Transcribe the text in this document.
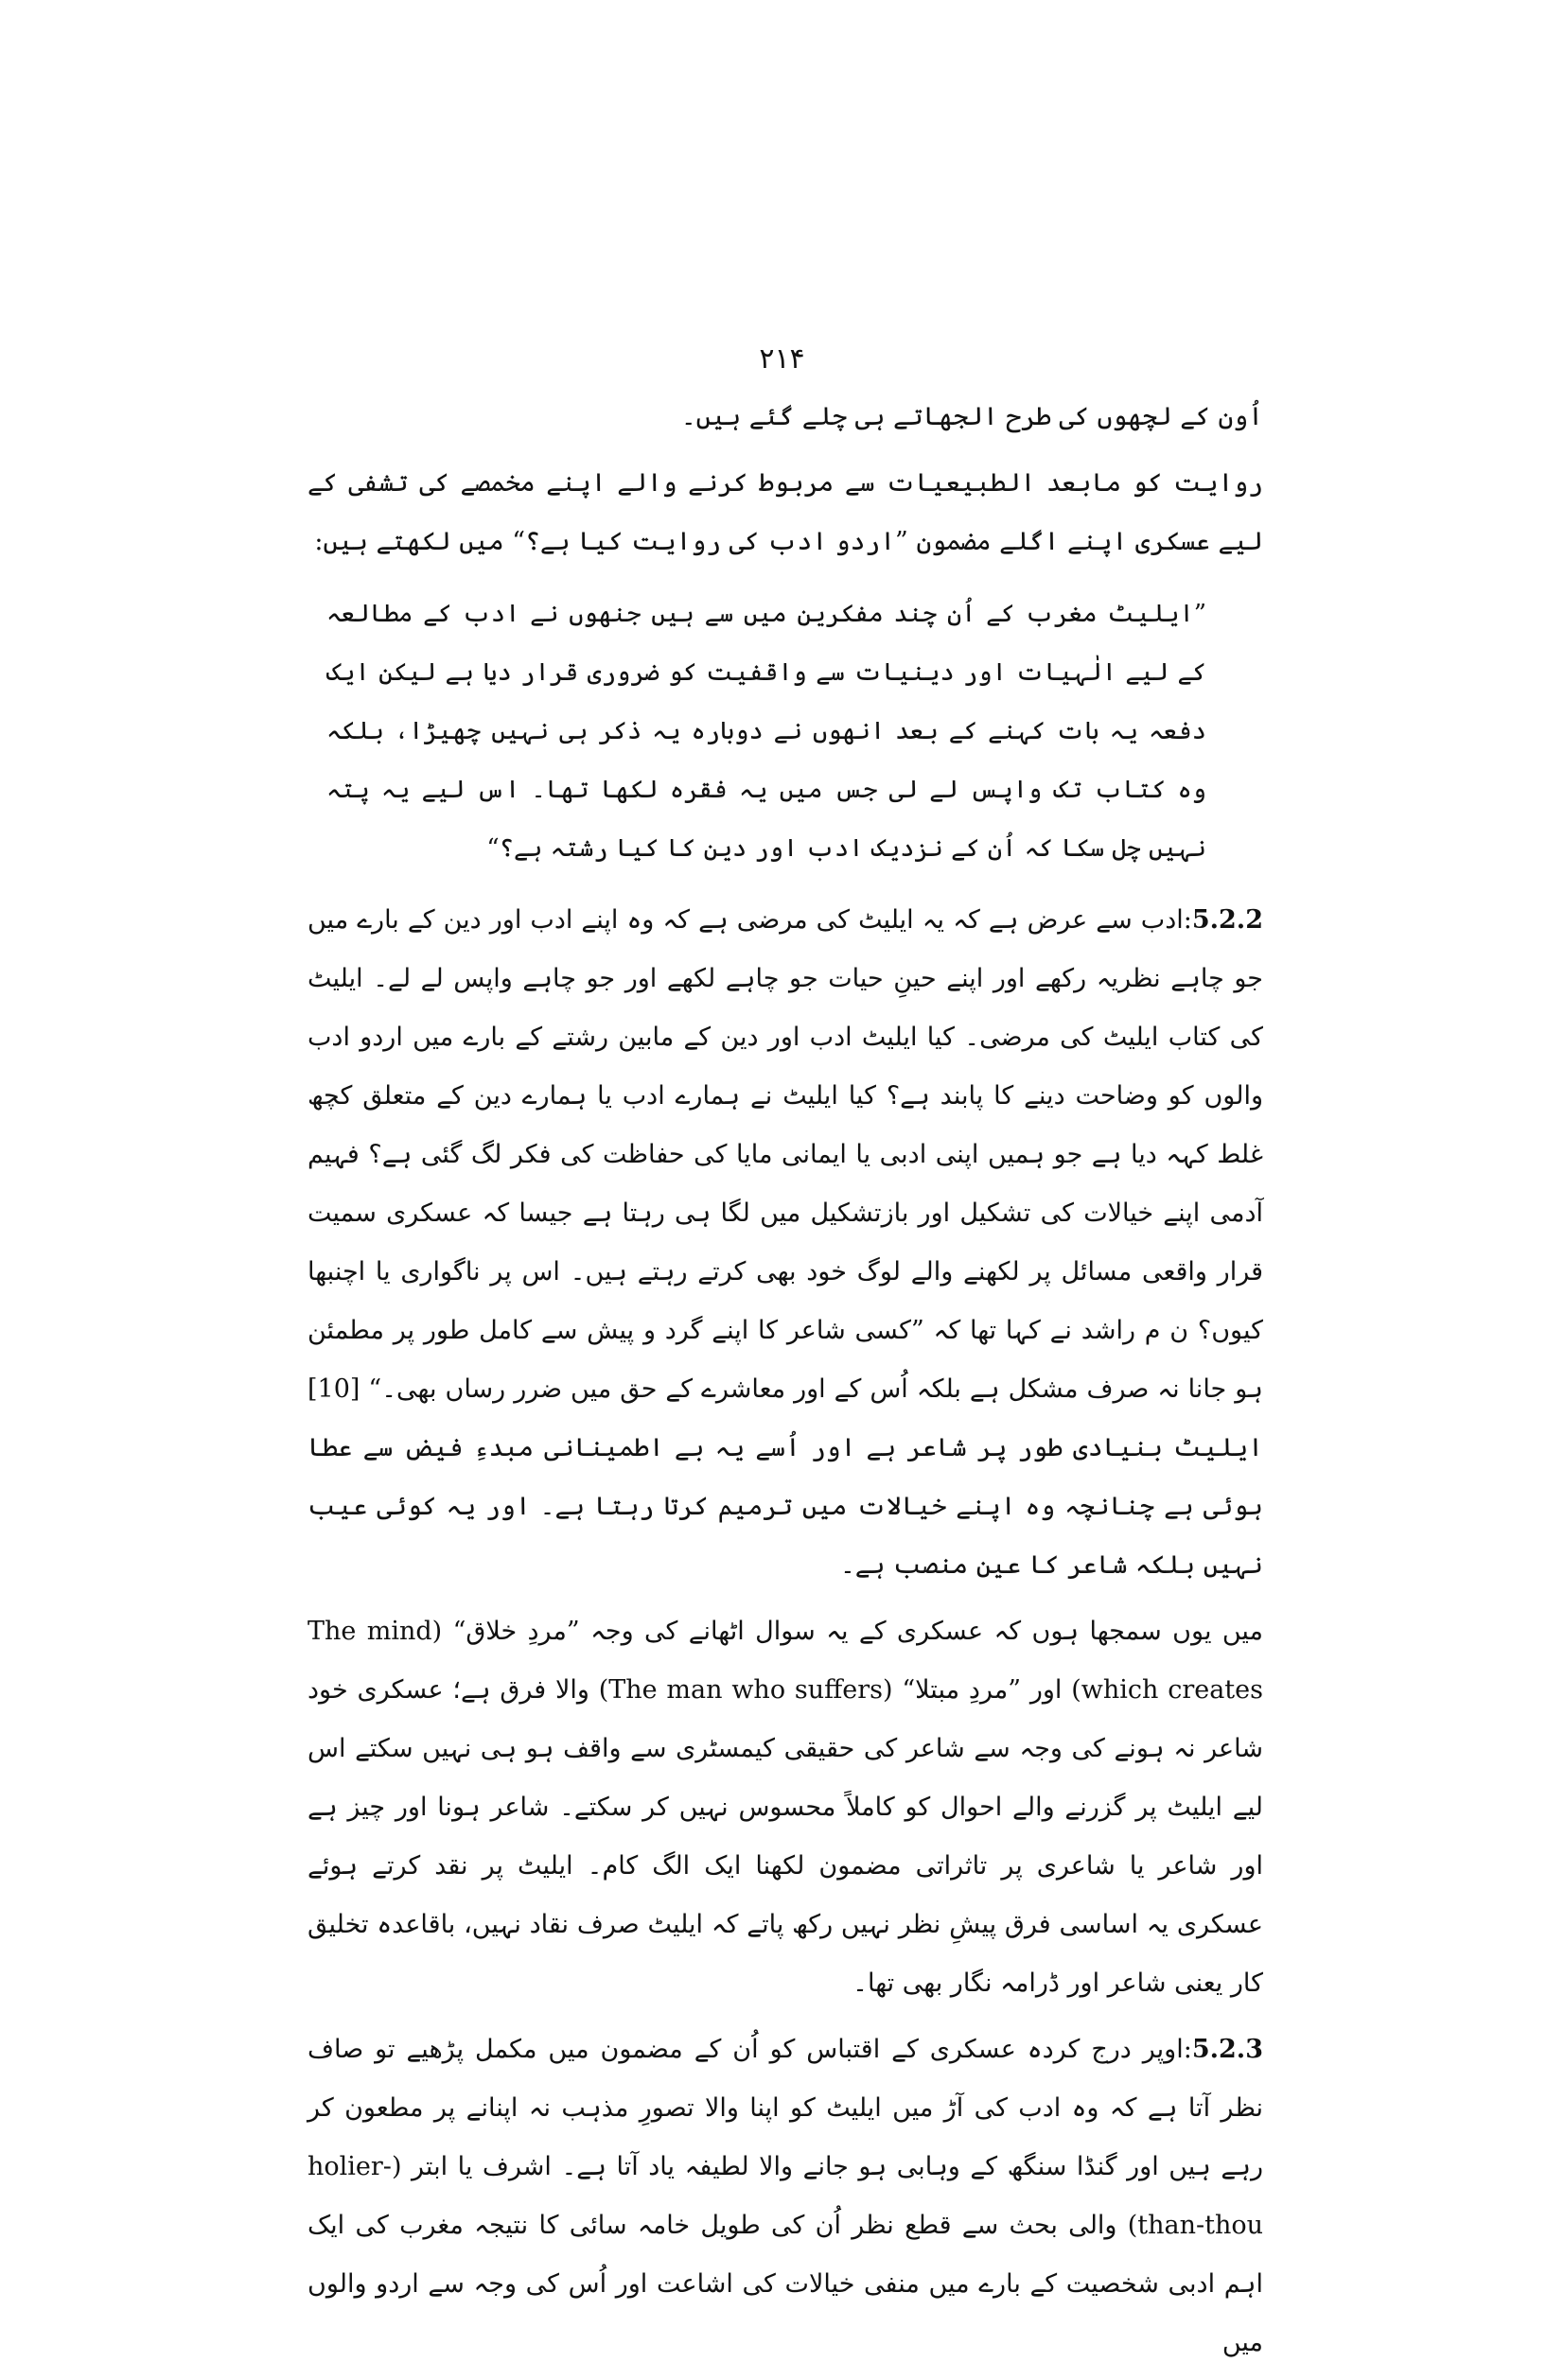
۲۱۴

اُون کے لچھوں کی طرح الجھاتے ہی چلے گئے ہیں۔

روایت کو مابعد الطبیعیات سے مربوط کرنے والے اپنے مخمصے کی تشفی کے لیے عسکری اپنے اگلے مضمون ”اردو ادب کی روایت کیا ہے؟“ میں لکھتے ہیں:

”ایلیٹ مغرب کے اُن چند مفکرین میں سے ہیں جنھوں نے ادب کے مطالعہ کے لیے الٰہیات اور دینیات سے واقفیت کو ضروری قرار دیا ہے لیکن ایک دفعہ یہ بات کہنے کے بعد انھوں نے دوبارہ یہ ذکر ہی نہیں چھیڑا، بلکہ وہ کتاب تک واپس لے لی جس میں یہ فقرہ لکھا تھا۔ اس لیے یہ پتہ نہیں چل سکا کہ اُن کے نزدیک ادب اور دین کا کیا رشتہ ہے؟“

5.2.2:ادب سے عرض ہے کہ یہ ایلیٹ کی مرضی ہے کہ وہ اپنے ادب اور دین کے بارے میں جو چاہے نظریہ رکھے اور اپنے حینِ حیات جو چاہے لکھے اور جو چاہے واپس لے لے۔ ایلیٹ کی کتاب ایلیٹ کی مرضی۔ کیا ایلیٹ ادب اور دین کے مابین رشتے کے بارے میں اردو ادب والوں کو وضاحت دینے کا پابند ہے؟ کیا ایلیٹ نے ہمارے ادب یا ہمارے دین کے متعلق کچھ غلط کہہ دیا ہے جو ہمیں اپنی ادبی یا ایمانی مایا کی حفاظت کی فکر لگ گئی ہے؟ فہیم آدمی اپنے خیالات کی تشکیل اور بازتشکیل میں لگا ہی رہتا ہے جیسا کہ عسکری سمیت قرار واقعی مسائل پر لکھنے والے لوگ خود بھی کرتے رہتے ہیں۔ اس پر ناگواری یا اچنبھا کیوں؟ ن م راشد نے کہا تھا کہ ”کسی شاعر کا اپنے گرد و پیش سے کامل طور پر مطمئن ہو جانا نہ صرف مشکل ہے بلکہ اُس کے اور معاشرے کے حق میں ضرر رساں بھی۔“ [10] ایلیٹ بنیادی طور پر شاعر ہے اور اُسے یہ بے اطمینانی مبدءِ فیض سے عطا ہوئی ہے چنانچہ وہ اپنے خیالات میں ترمیم کرتا رہتا ہے۔ اور یہ کوئی عیب نہیں بلکہ شاعر کا عین منصب ہے۔

میں یوں سمجھا ہوں کہ عسکری کے یہ سوال اٹھانے کی وجہ ”مردِ خلاق“ (The mind which creates) اور ”مردِ مبتلا“ (The man who suffers) والا فرق ہے؛ عسکری خود شاعر نہ ہونے کی وجہ سے شاعر کی حقیقی کیمسٹری سے واقف ہو ہی نہیں سکتے اس لیے ایلیٹ پر گزرنے والے احوال کو کاملاً محسوس نہیں کر سکتے۔ شاعر ہونا اور چیز ہے اور شاعر یا شاعری پر تاثراتی مضمون لکھنا ایک الگ کام۔ ایلیٹ پر نقد کرتے ہوئے عسکری یہ اساسی فرق پیشِ نظر نہیں رکھ پاتے کہ ایلیٹ صرف نقاد نہیں، باقاعدہ تخلیق کار یعنی شاعر اور ڈرامہ نگار بھی تھا۔

5.2.3:اوپر درج کردہ عسکری کے اقتباس کو اُن کے مضمون میں مکمل پڑھیے تو صاف نظر آتا ہے کہ وہ ادب کی آڑ میں ایلیٹ کو اپنا والا تصورِ مذہب نہ اپنانے پر مطعون کر رہے ہیں اور گنڈا سنگھ کے وہابی ہو جانے والا لطیفہ یاد آتا ہے۔ اشرف یا ابتر (holier-than-thou) والی بحث سے قطع نظر اُن کی طویل خامہ سائی کا نتیجہ مغرب کی ایک اہم ادبی شخصیت کے بارے میں منفی خیالات کی اشاعت اور اُس کی وجہ سے اردو والوں میں
